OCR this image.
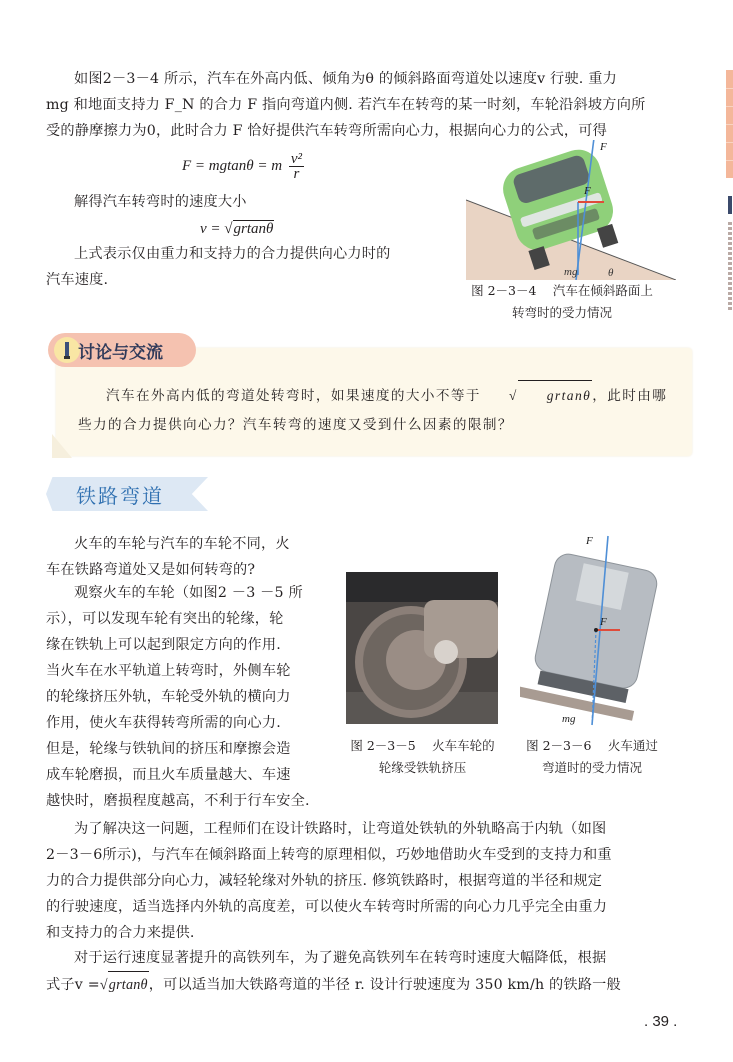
如图2－3－4 所示，汽车在外高内低、倾角为θ 的倾斜路面弯道处以速度v 行驶. 重力
mg 和地面支持力 F_N 的合力 F 指向弯道内侧. 若汽车在转弯的某一时刻，车轮沿斜坡方向所
受的静摩擦力为0，此时合力 F 恰好提供汽车转弯所需向心力，根据向心力的公式，可得
F = mgtanθ = m $\frac{\text{v²}}{r}$
解得汽车转弯时的速度大小
v = √grtanθ
上式表示仅由重力和支持力的合力提供向心力时的
汽车速度.
F
F
mg	θ
图 2－3－4　 汽车在倾斜路面上
转弯时的受力情况
讨论与交流
汽车在外高内低的弯道处转弯时，如果速度的大小不等于 √ grtanθ，此时由哪
些力的合力提供向心力？汽车转弯的速度又受到什么因素的限制？
铁路弯道
火车的车轮与汽车的车轮不同，火
车在铁路弯道处又是如何转弯的?
观察火车的车轮（如图2 －3 －5 所
示），可以发现车轮有突出的轮缘，轮
缘在铁轨上可以起到限定方向的作用.
当火车在水平轨道上转弯时，外侧车轮
的轮缘挤压外轨，车轮受外轨的横向力
作用，使火车获得转弯所需的向心力.
但是，轮缘与铁轨间的挤压和摩擦会造
成车轮磨损，而且火车质量越大、车速
越快时，磨损程度越高，不利于行车安全.
图 2－3－5　 火车车轮的
轮缘受铁轨挤压
F
F
mg
图 2－3－6　 火车通过
弯道时的受力情况
为了解决这一问题，工程师们在设计铁路时，让弯道处铁轨的外轨略高于内轨（如图
2－3－6所示)，与汽车在倾斜路面上转弯的原理相似，巧妙地借助火车受到的支持力和重
力的合力提供部分向心力，减轻轮缘对外轨的挤压. 修筑铁路时，根据弯道的半径和规定
的行驶速度，适当选择内外轨的高度差，可以使火车转弯时所需的向心力几乎完全由重力
和支持力的合力来提供.
对于运行速度显著提升的高铁列车，为了避免高铁列车在转弯时速度大幅降低，根据
式子v =√grtanθ，可以适当加大铁路弯道的半径 r. 设计行驶速度为 350 km/h 的铁路一般
. 39 .
